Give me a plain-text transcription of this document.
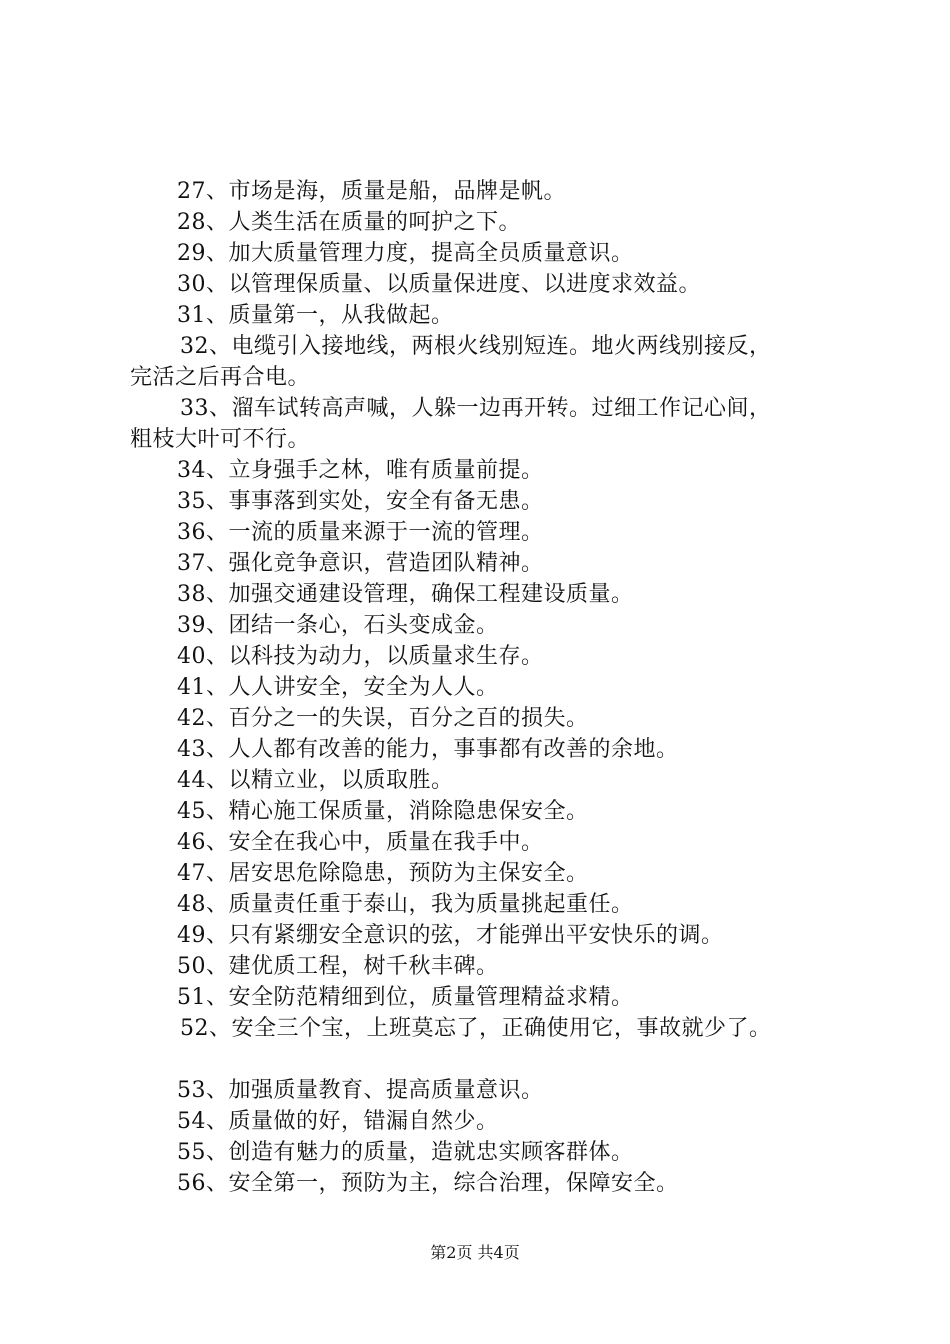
27、市场是海，质量是船，品牌是帆。
28、人类生活在质量的呵护之下。
29、加大质量管理力度，提高全员质量意识。
30、以管理保质量、以质量保进度、以进度求效益。
31、质量第一，从我做起。
32、电缆引入接地线，两根火线别短连。地火两线别接反，
完活之后再合电。
33、溜车试转高声喊，人躲一边再开转。过细工作记心间，
粗枝大叶可不行。
34、立身强手之林，唯有质量前提。
35、事事落到实处，安全有备无患。
36、一流的质量来源于一流的管理。
37、强化竞争意识，营造团队精神。
38、加强交通建设管理，确保工程建设质量。
39、团结一条心，石头变成金。
40、以科技为动力，以质量求生存。
41、人人讲安全，安全为人人。
42、百分之一的失误，百分之百的损失。
43、人人都有改善的能力，事事都有改善的余地。
44、以精立业，以质取胜。
45、精心施工保质量，消除隐患保安全。
46、安全在我心中，质量在我手中。
47、居安思危除隐患，预防为主保安全。
48、质量责任重于泰山，我为质量挑起重任。
49、只有紧绷安全意识的弦，才能弹出平安快乐的调。
50、建优质工程，树千秋丰碑。
51、安全防范精细到位，质量管理精益求精。
52、安全三个宝，上班莫忘了，正确使用它，事故就少了。
53、加强质量教育、提高质量意识。
54、质量做的好，错漏自然少。
55、创造有魅力的质量，造就忠实顾客群体。
56、安全第一，预防为主，综合治理，保障安全。
第2页 共4页
